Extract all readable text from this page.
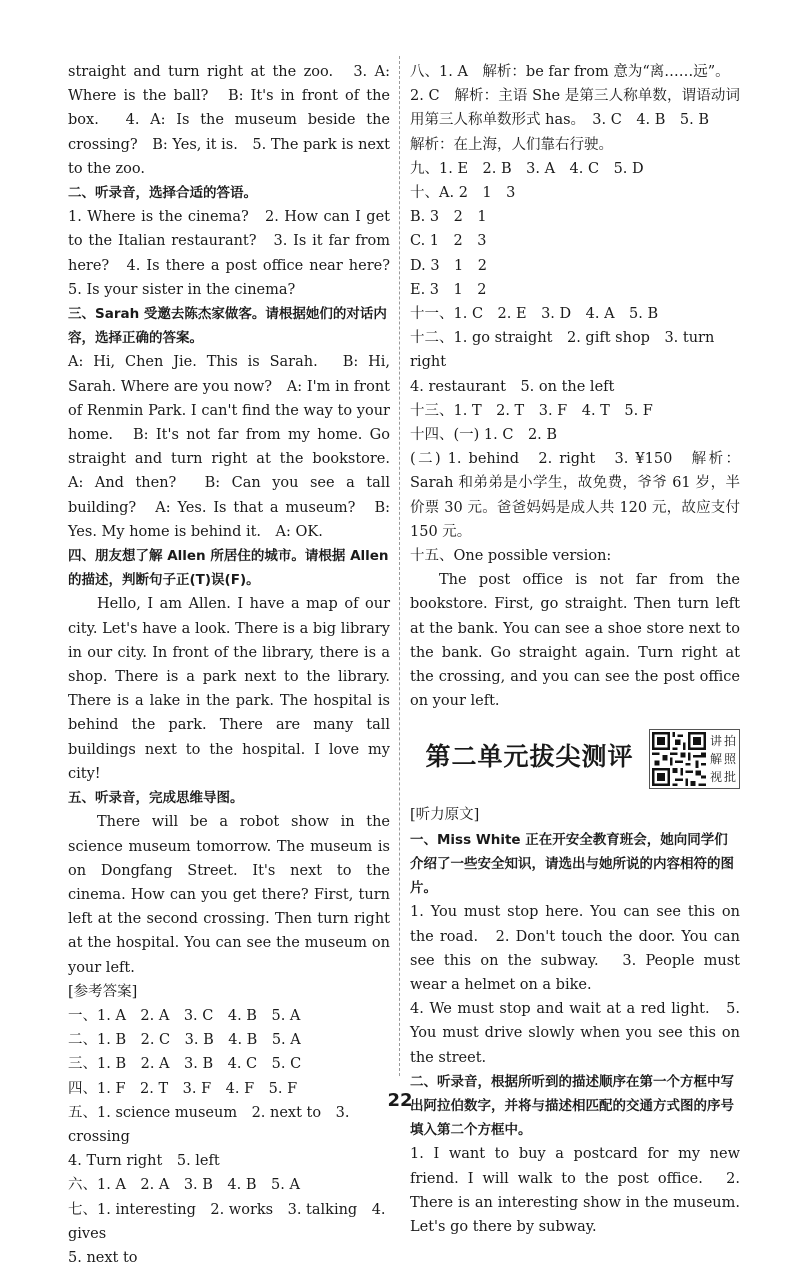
straight and turn right at the zoo.　3. A: Where is the ball?　B: It's in front of the box.　4. A: Is the museum beside the crossing?　B: Yes, it is.　5. The park is next to the zoo.

二、听录音，选择合适的答语。

1. Where is the cinema?　2. How can I get to the Italian restaurant?　3. Is it far from here?　4. Is there a post office near here?　5. Is your sister in the cinema?

三、Sarah 受邀去陈杰家做客。请根据她们的对话内容，选择正确的答案。

A: Hi, Chen Jie. This is Sarah.　B: Hi, Sarah. Where are you now?　A: I'm in front of Renmin Park. I can't find the way to your home.　B: It's not far from my home. Go straight and turn right at the bookstore.　A: And then?　B: Can you see a tall building?　A: Yes. Is that a museum?　B: Yes. My home is behind it.　A: OK.

四、朋友想了解 Allen 所居住的城市。请根据 Allen 的描述，判断句子正(T)误(F)。

Hello, I am Allen. I have a map of our city. Let's have a look. There is a big library in our city. In front of the library, there is a shop. There is a park next to the library. There is a lake in the park. The hospital is behind the park. There are many tall buildings next to the hospital. I love my city!

五、听录音，完成思维导图。

There will be a robot show in the science museum tomorrow. The museum is on Dongfang Street. It's next to the cinema. How can you get there? First, turn left at the second crossing. Then turn right at the hospital. You can see the museum on your left.

[参考答案]

一、1. A　2. A　3. C　4. B　5. A

二、1. B　2. C　3. B　4. B　5. A

三、1. B　2. A　3. B　4. C　5. C

四、1. F　2. T　3. F　4. F　5. F

五、1. science museum　2. next to　3. crossing

4. Turn right　5. left

六、1. A　2. A　3. B　4. B　5. A

七、1. interesting　2. works　3. talking　4. gives

5. next to

八、1. A　解析：be far from 意为“离……远”。

2. C　解析：主语 She 是第三人称单数，谓语动词用第三人称单数形式 has。　3. C　4. B　5. B

解析：在上海，人们靠右行驶。

九、1. E　2. B　3. A　4. C　5. D

十、A. 2　1　3

B. 3　2　1

C. 1　2　3

D. 3　1　2

E. 3　1　2

十一、1. C　2. E　3. D　4. A　5. B

十二、1. go straight　2. gift shop　3. turn right

4. restaurant　5. on the left

十三、1. T　2. T　3. F　4. T　5. F

十四、(一) 1. C　2. B

(二) 1. behind　2. right　3. ¥150　解析：Sarah 和弟弟是小学生，故免费，爷爷 61 岁，半价票 30 元。爸爸妈妈是成人共 120 元，故应支付 150 元。

十五、One possible version:

The post office is not far from the bookstore. First, go straight. Then turn left at the bank. You can see a shoe store next to the bank. Go straight again. Turn right at the crossing, and you can see the post office on your left.

第二单元拔尖测评
讲
解
视
拍
照
批

[听力原文]

一、Miss White 正在开安全教育班会，她向同学们介绍了一些安全知识，请选出与她所说的内容相符的图片。

1. You must stop here. You can see this on the road.　2. Don't touch the door. You can see this on the subway.　3. People must wear a helmet on a bike.

4. We must stop and wait at a red light.　5. You must drive slowly when you see this on the street.

二、听录音，根据所听到的描述顺序在第一个方框中写出阿拉伯数字，并将与描述相匹配的交通方式图的序号填入第二个方框中。

1. I want to buy a postcard for my new friend. I will walk to the post office.　2. There is an interesting show in the museum. Let's go there by subway.

22
